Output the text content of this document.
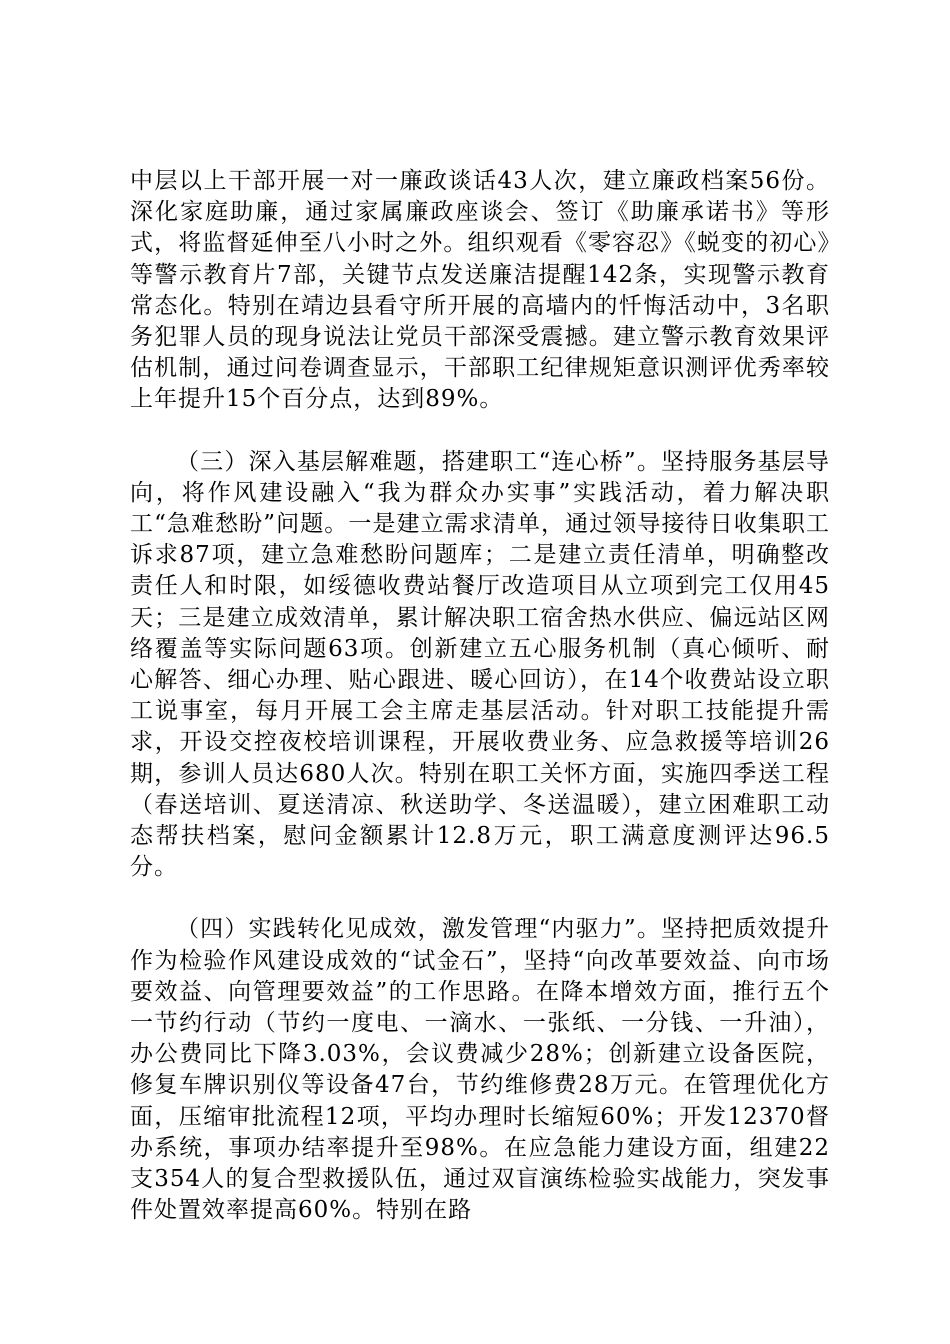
中层以上干部开展一对一廉政谈话43人次，建立廉政档案56份。深化家庭助廉，通过家属廉政座谈会、签订《助廉承诺书》等形式，将监督延伸至八小时之外。组织观看《零容忍》《蜕变的初心》等警示教育片7部，关键节点发送廉洁提醒142条，实现警示教育常态化。特别在靖边县看守所开展的高墙内的忏悔活动中，3名职务犯罪人员的现身说法让党员干部深受震撼。建立警示教育效果评估机制，通过问卷调查显示，干部职工纪律规矩意识测评优秀率较上年提升15个百分点，达到89%。

（三）深入基层解难题，搭建职工“连心桥”。坚持服务基层导向，将作风建设融入“我为群众办实事”实践活动，着力解决职工“急难愁盼”问题。一是建立需求清单，通过领导接待日收集职工诉求87项，建立急难愁盼问题库；二是建立责任清单，明确整改责任人和时限，如绥德收费站餐厅改造项目从立项到完工仅用45天；三是建立成效清单，累计解决职工宿舍热水供应、偏远站区网络覆盖等实际问题63项。创新建立五心服务机制（真心倾听、耐心解答、细心办理、贴心跟进、暖心回访），在14个收费站设立职工说事室，每月开展工会主席走基层活动。针对职工技能提升需求，开设交控夜校培训课程，开展收费业务、应急救援等培训26期，参训人员达680人次。特别在职工关怀方面，实施四季送工程（春送培训、夏送清凉、秋送助学、冬送温暖），建立困难职工动态帮扶档案，慰问金额累计12.8万元，职工满意度测评达96.5分。

（四）实践转化见成效，激发管理“内驱力”。坚持把质效提升作为检验作风建设成效的“试金石”，坚持“向改革要效益、向市场要效益、向管理要效益”的工作思路。在降本增效方面，推行五个一节约行动（节约一度电、一滴水、一张纸、一分钱、一升油），办公费同比下降3.03%，会议费减少28%；创新建立设备医院，修复车牌识别仪等设备47台，节约维修费28万元。在管理优化方面，压缩审批流程12项，平均办理时长缩短60%；开发12370督办系统，事项办结率提升至98%。在应急能力建设方面，组建22支354人的复合型救援队伍，通过双盲演练检验实战能力，突发事件处置效率提高60%。特别在路
